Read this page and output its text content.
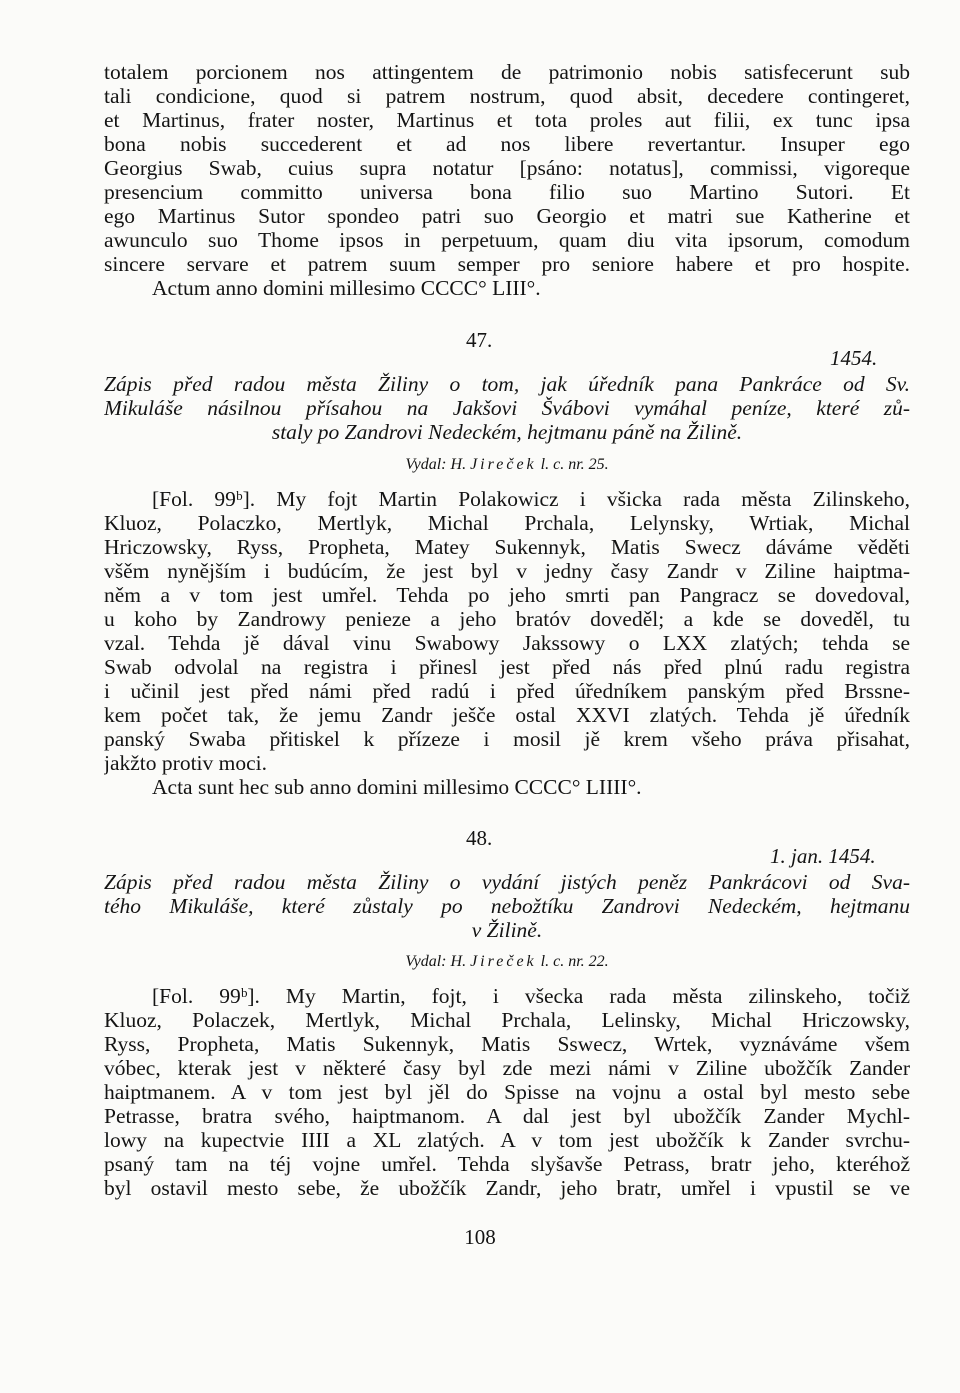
totalem porcionem nos attingentem de patrimonio nobis satisfecerunt sub
tali condicione, quod si patrem nostrum, quod absit, decedere contingeret,
et Martinus, frater noster, Martinus et tota proles aut filii, ex tunc ipsa
bona nobis succederent et ad nos libere revertantur. Insuper ego
Georgius Swab, cuius supra notatur [psáno: notatus], commissi, vigoreque
presencium committo universa bona filio suo Martino Sutori. Et
ego Martinus Sutor spondeo patri suo Georgio et matri sue Katherine et
awunculo suo Thome ipsos in perpetuum, quam diu vita ipsorum, comodum
sincere servare et patrem suum semper pro seniore habere et pro hospite.
Actum anno domini millesimo CCCC° LIII°.
47.
1454.
Zápis před radou města Žiliny o tom, jak úředník pana Pankráce od Sv.
Mikuláše násilnou přísahou na Jakšovi Švábovi vymáhal peníze, které zů-
staly po Zandrovi Nedeckém, hejtmanu páně na Žilině.
Vydal: H. Jireček l. c. nr. 25.
[Fol. 99ᵇ]. My fojt Martin Polakowicz i všicka rada města Zilinskeho,
Kluoz, Polaczko, Mertlyk, Michal Prchala, Lelynsky, Wrtiak, Michal
Hriczowsky, Ryss, Propheta, Matey Sukennyk, Matis Swecz dáváme věděti
všěm nynějším i budúcím, že jest byl v jedny časy Zandr v Ziline haiptma-
něm a v tom jest umřel. Tehda po jeho smrti pan Pangracz se dovedoval,
u koho by Zandrowy penieze a jeho bratóv doveděl; a kde se doveděl, tu
vzal. Tehda jě dával vinu Swabowy Jakssowy o LXX zlatých; tehda se
Swab odvolal na registra i přinesl jest před nás před plnú radu registra
i učinil jest před námi před radú i před úředníkem panským před Brssne-
kem počet tak, že jemu Zandr ješče ostal XXVI zlatých. Tehda jě úředník
panský Swaba přitiskel k přízeze i mosil jě krem všeho práva přisahat,
jakžto protiv moci.
Acta sunt hec sub anno domini millesimo CCCC° LIIII°.
48.
1. jan. 1454.
Zápis před radou města Žiliny o vydání jistých peněz Pankrácovi od Sva-
tého Mikuláše, které zůstaly po nebožtíku Zandrovi Nedeckém, hejtmanu
v Žilině.
Vydal: H. Jireček l. c. nr. 22.
[Fol. 99ᵇ]. My Martin, fojt, i všecka rada města zilinskeho, točiž
Kluoz, Polaczek, Mertlyk, Michal Prchala, Lelinsky, Michal Hriczowsky,
Ryss, Propheta, Matis Sukennyk, Matis Sswecz, Wrtek, vyznáváme všem
vóbec, kterak jest v některé časy byl zde mezi námi v Ziline ubožčík Zander
haiptmanem. A v tom jest byl jěl do Spisse na vojnu a ostal byl mesto sebe
Petrasse, bratra svého, haiptmanom. A dal jest byl ubožčík Zander Mychl-
lowy na kupectvie IIII a XL zlatých. A v tom jest ubožčík k Zander svrchu-
psaný tam na téj vojne umřel. Tehda slyšavše Petrass, bratr jeho, kteréhož
byl ostavil mesto sebe, že ubožčík Zandr, jeho bratr, umřel i vpustil se ve
108
